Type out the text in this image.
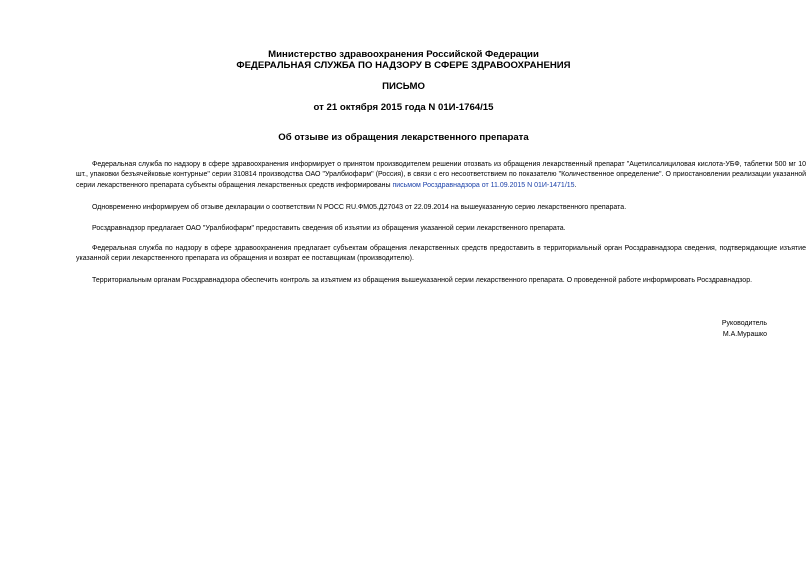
Министерство здравоохранения Российской Федерации
ФЕДЕРАЛЬНАЯ СЛУЖБА ПО НАДЗОРУ В СФЕРЕ ЗДРАВООХРАНЕНИЯ
ПИСЬМО
от 21 октября 2015 года N 01И-1764/15
Об отзыве из обращения лекарственного препарата

Федеральная служба по надзору в сфере здравоохранения информирует о принятом производителем решении отозвать из обращения лекарственный препарат "Ацетилсалициловая кислота-УБФ, таблетки 500 мг 10 шт., упаковки безъячейковые контурные" серии 310814 производства ОАО "Уралбиофарм" (Россия), в связи с его несоответствием по показателю "Количественное определение". О приостановлении реализации указанной серии лекарственного препарата субъекты обращения лекарственных средств информированы письмом Росздравнадзора от 11.09.2015 N 01И-1471/15.

Одновременно информируем об отзыве декларации о соответствии N РОСС RU.ФМ05.Д27043 от 22.09.2014 на вышеуказанную серию лекарственного препарата.

Росздравнадзор предлагает ОАО "Уралбиофарм" предоставить сведения об изъятии из обращения указанной серии лекарственного препарата.

Федеральная служба по надзору в сфере здравоохранения предлагает субъектам обращения лекарственных средств предоставить в территориальный орган Росздравнадзора сведения, подтверждающие изъятие указанной серии лекарственного препарата из обращения и возврат ее поставщикам (производителю).

Территориальным органам Росздравнадзора обеспечить контроль за изъятием из обращения вышеуказанной серии лекарственного препарата. О проведенной работе информировать Росздравнадзор.

Руководитель
М.А.Мурашко
